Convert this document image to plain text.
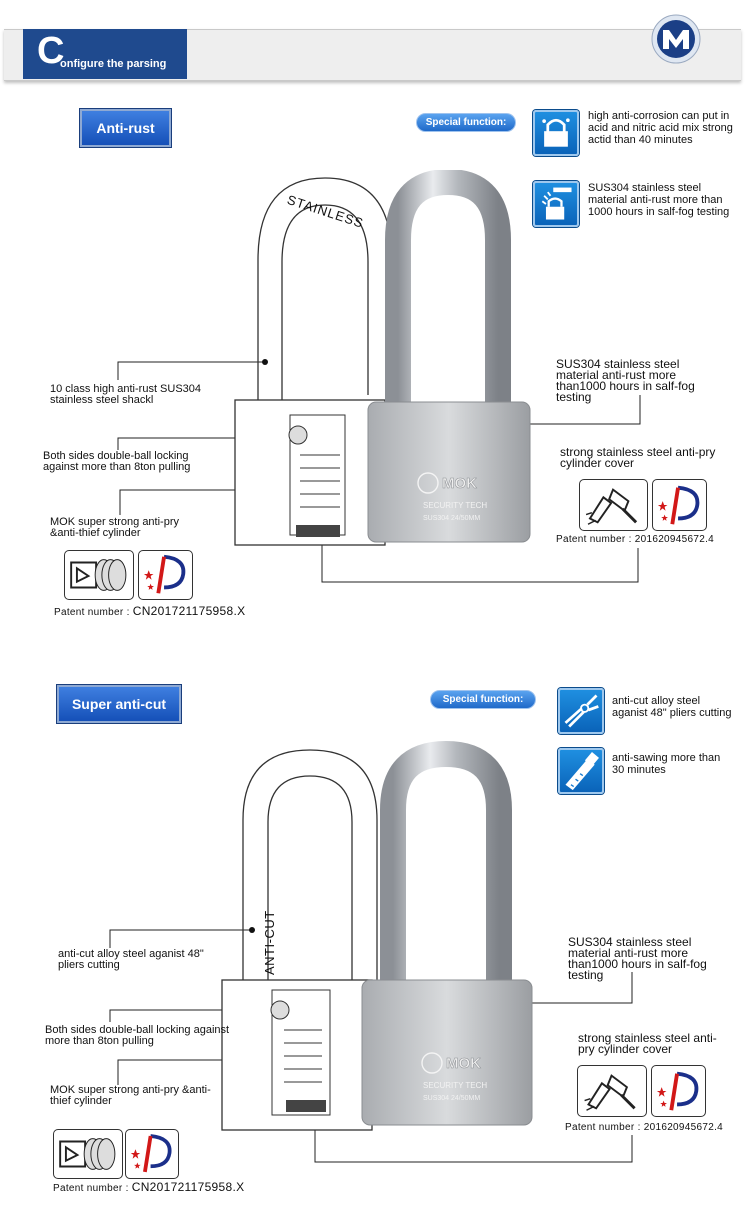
C
onfigure the parsing
Anti-rust	Special function:
high anti-corrosion can put in acid and nitric acid mix strong actid than 40 minutes
SUS304 stainless steel material anti-rust more than 1000 hours in salf-fog testing
MOK
SECURITY TECH
SUS304 24/50MM
STAINLESS
10 class high anti-rust SUS304 stainless steel shackl
Both sides double-ball locking against more than 8ton pulling
MOK super strong anti-pry &anti-thief cylinder
SUS304 stainless steel material anti-rust more than1000 hours in salf-fog testing
strong stainless steel anti-pry cylinder cover
Patent number : 201620945672.4
Patent number : CN201721175958.X
Super anti-cut	Special function:	anti-cut alloy steel aganist 48" pliers cutting
anti-sawing more than 30 minutes
MOK
SECURITY TECH
SUS304 24/50MM
ANTI-CUT
anti-cut alloy steel aganist 48" pliers cutting
Both sides double-ball locking against more than 8ton pulling
MOK super strong anti-pry &anti-thief cylinder
SUS304 stainless steel material anti-rust more than1000 hours in salf-fog testing
strong stainless steel anti-pry cylinder cover
Patent number : 201620945672.4
Patent number : CN201721175958.X
